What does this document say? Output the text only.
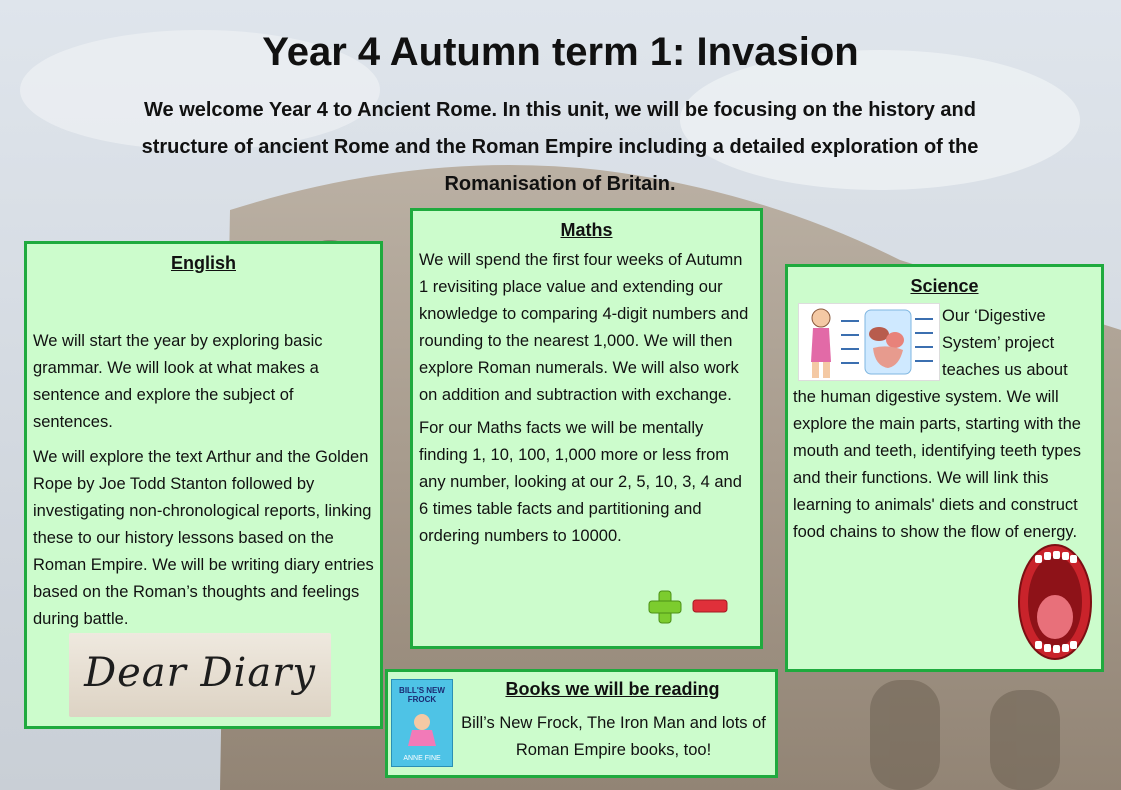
Year 4 Autumn term 1: Invasion

We welcome Year 4 to Ancient Rome. In this unit, we will be focusing on the history and structure of ancient Rome and the Roman Empire including a detailed exploration of the Romanisation of Britain.

English

We will start the year by exploring basic grammar. We will look at what makes a sentence and explore the subject of sentences.

We will explore the text Arthur and the Golden Rope by Joe Todd Stanton followed by investigating non-chronological reports, linking these to our history lessons based on the Roman Empire. We will be writing diary entries based on the Roman’s thoughts and feelings during battle.

Dear Diary
Maths

We will spend the first four weeks of Autumn 1 revisiting place value and extending our knowledge to comparing 4-digit numbers and rounding to the nearest 1,000. We will then explore Roman numerals. We will also work on addition and subtraction with exchange.

For our Maths facts we will be mentally finding 1, 10, 100, 1,000 more or less from any number, looking at our 2, 5, 10, 3, 4 and 6 times table facts and partitioning and ordering numbers to 10000.

Science

Our ‘Digestive System’ project teaches us about

the human digestive system. We will explore the main parts, starting with the mouth and teeth, identifying teeth types and their functions. We will link this learning to animals' diets and construct food chains to show the flow of energy.

BILL'S NEW FROCK
ANNE FINE
Books we will be reading

Bill’s New Frock, The Iron Man and lots of Roman Empire books, too!
